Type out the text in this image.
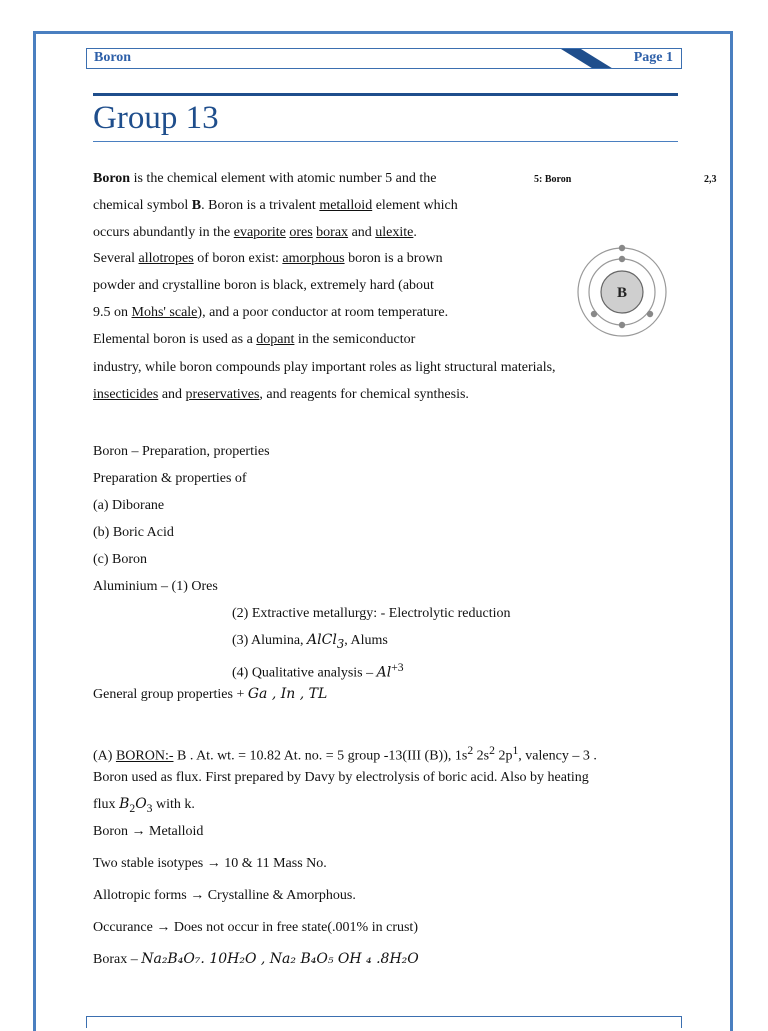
Boron	Page 1
Group 13
Boron is the chemical element with atomic number 5 and the
chemical symbol B. Boron is a trivalent metalloid element which
occurs abundantly in the evaporite ores borax and ulexite.
Several allotropes of boron exist: amorphous boron is a brown
powder and crystalline boron is black, extremely hard (about
9.5 on Mohs' scale), and a poor conductor at room temperature.
Elemental boron is used as a dopant in the semiconductor
industry, while boron compounds play important roles as light structural materials,
insecticides and preservatives, and reagents for chemical synthesis.
5: Boron	2,3
B
Boron – Preparation, properties
Preparation & properties of
(a) Diborane
(b) Boric Acid
(c) Boron
Aluminium – (1) Ores
(2) Extractive metallurgy: - Electrolytic reduction
(3) Alumina, AlCl$_3$, Alums
(4) Qualitative analysis – $Al^{+3}$
General group properties + Ga , In , TL
(A) BORON:- B . At. wt. = 10.82 At. no. = 5 group -13(III (B)), $1s^2$ $2s^2$ $2p^1$, valency – 3 .
Boron used as flux. First prepared by Davy by electrolysis of boric acid. Also by heating
flux $B_2O_3$ with k.
Boron → Metalloid
Two stable isotypes → 10 & 11 Mass No.
Allotropic forms → Crystalline & Amorphous.
Occurance → Does not occur in free state(.001% in crust)
Borax – Na₂B₄O₇. 10H₂O , Na₂ B₄O₅ OH ₄ .8H₂O
